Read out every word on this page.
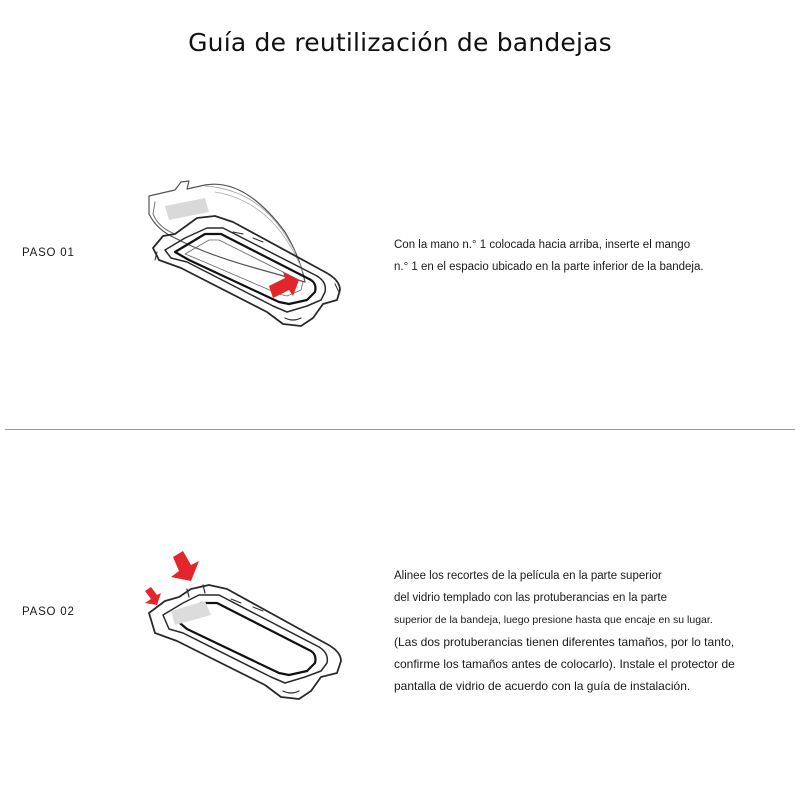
Guía de reutilización de bandejas
PASO 01

Con la mano n.° 1 colocada hacia arriba, inserte el mango

n.° 1 en el espacio ubicado en la parte inferior de la bandeja.

PASO 02

Alinee los recortes de la película en la parte superior

del vidrio templado con las protuberancias en la parte

superior de la bandeja, luego presione hasta que encaje en su lugar.

(Las dos protuberancias tienen diferentes tamaños, por lo tanto,

confirme los tamaños antes de colocarlo). Instale el protector de

pantalla de vidrio de acuerdo con la guía de instalación.
